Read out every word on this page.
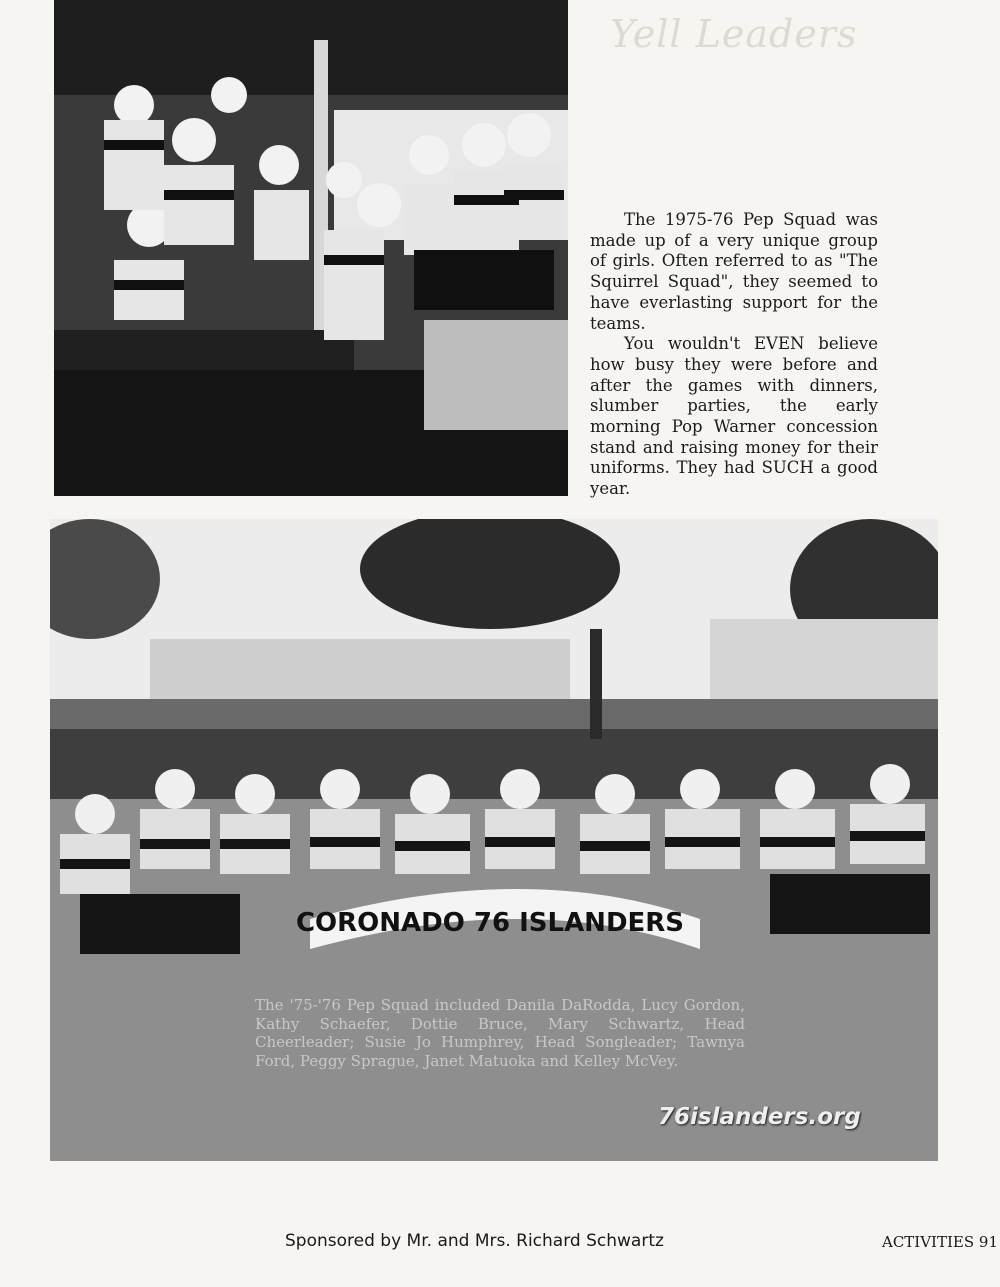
Yell Leaders

The 1975-76 Pep Squad was made up of a very unique group of girls. Often referred to as "The Squirrel Squad", they seemed to have everlasting support for the teams.

You wouldn't EVEN believe how busy they were before and after the games with dinners, slumber parties, the early morning Pop Warner concession stand and raising money for their uniforms. They had SUCH a good year.

CORONADO 76 ISLANDERS
The '75-'76 Pep Squad included Danila DaRodda, Lucy Gordon, Kathy Schaefer, Dottie Bruce, Mary Schwartz, Head Cheerleader; Susie Jo Humphrey, Head Songleader; Tawnya Ford, Peggy Sprague, Janet Matuoka and Kelley McVey.
76islanders.org
Sponsored by Mr. and Mrs. Richard Schwartz	ACTIVITIES 91
